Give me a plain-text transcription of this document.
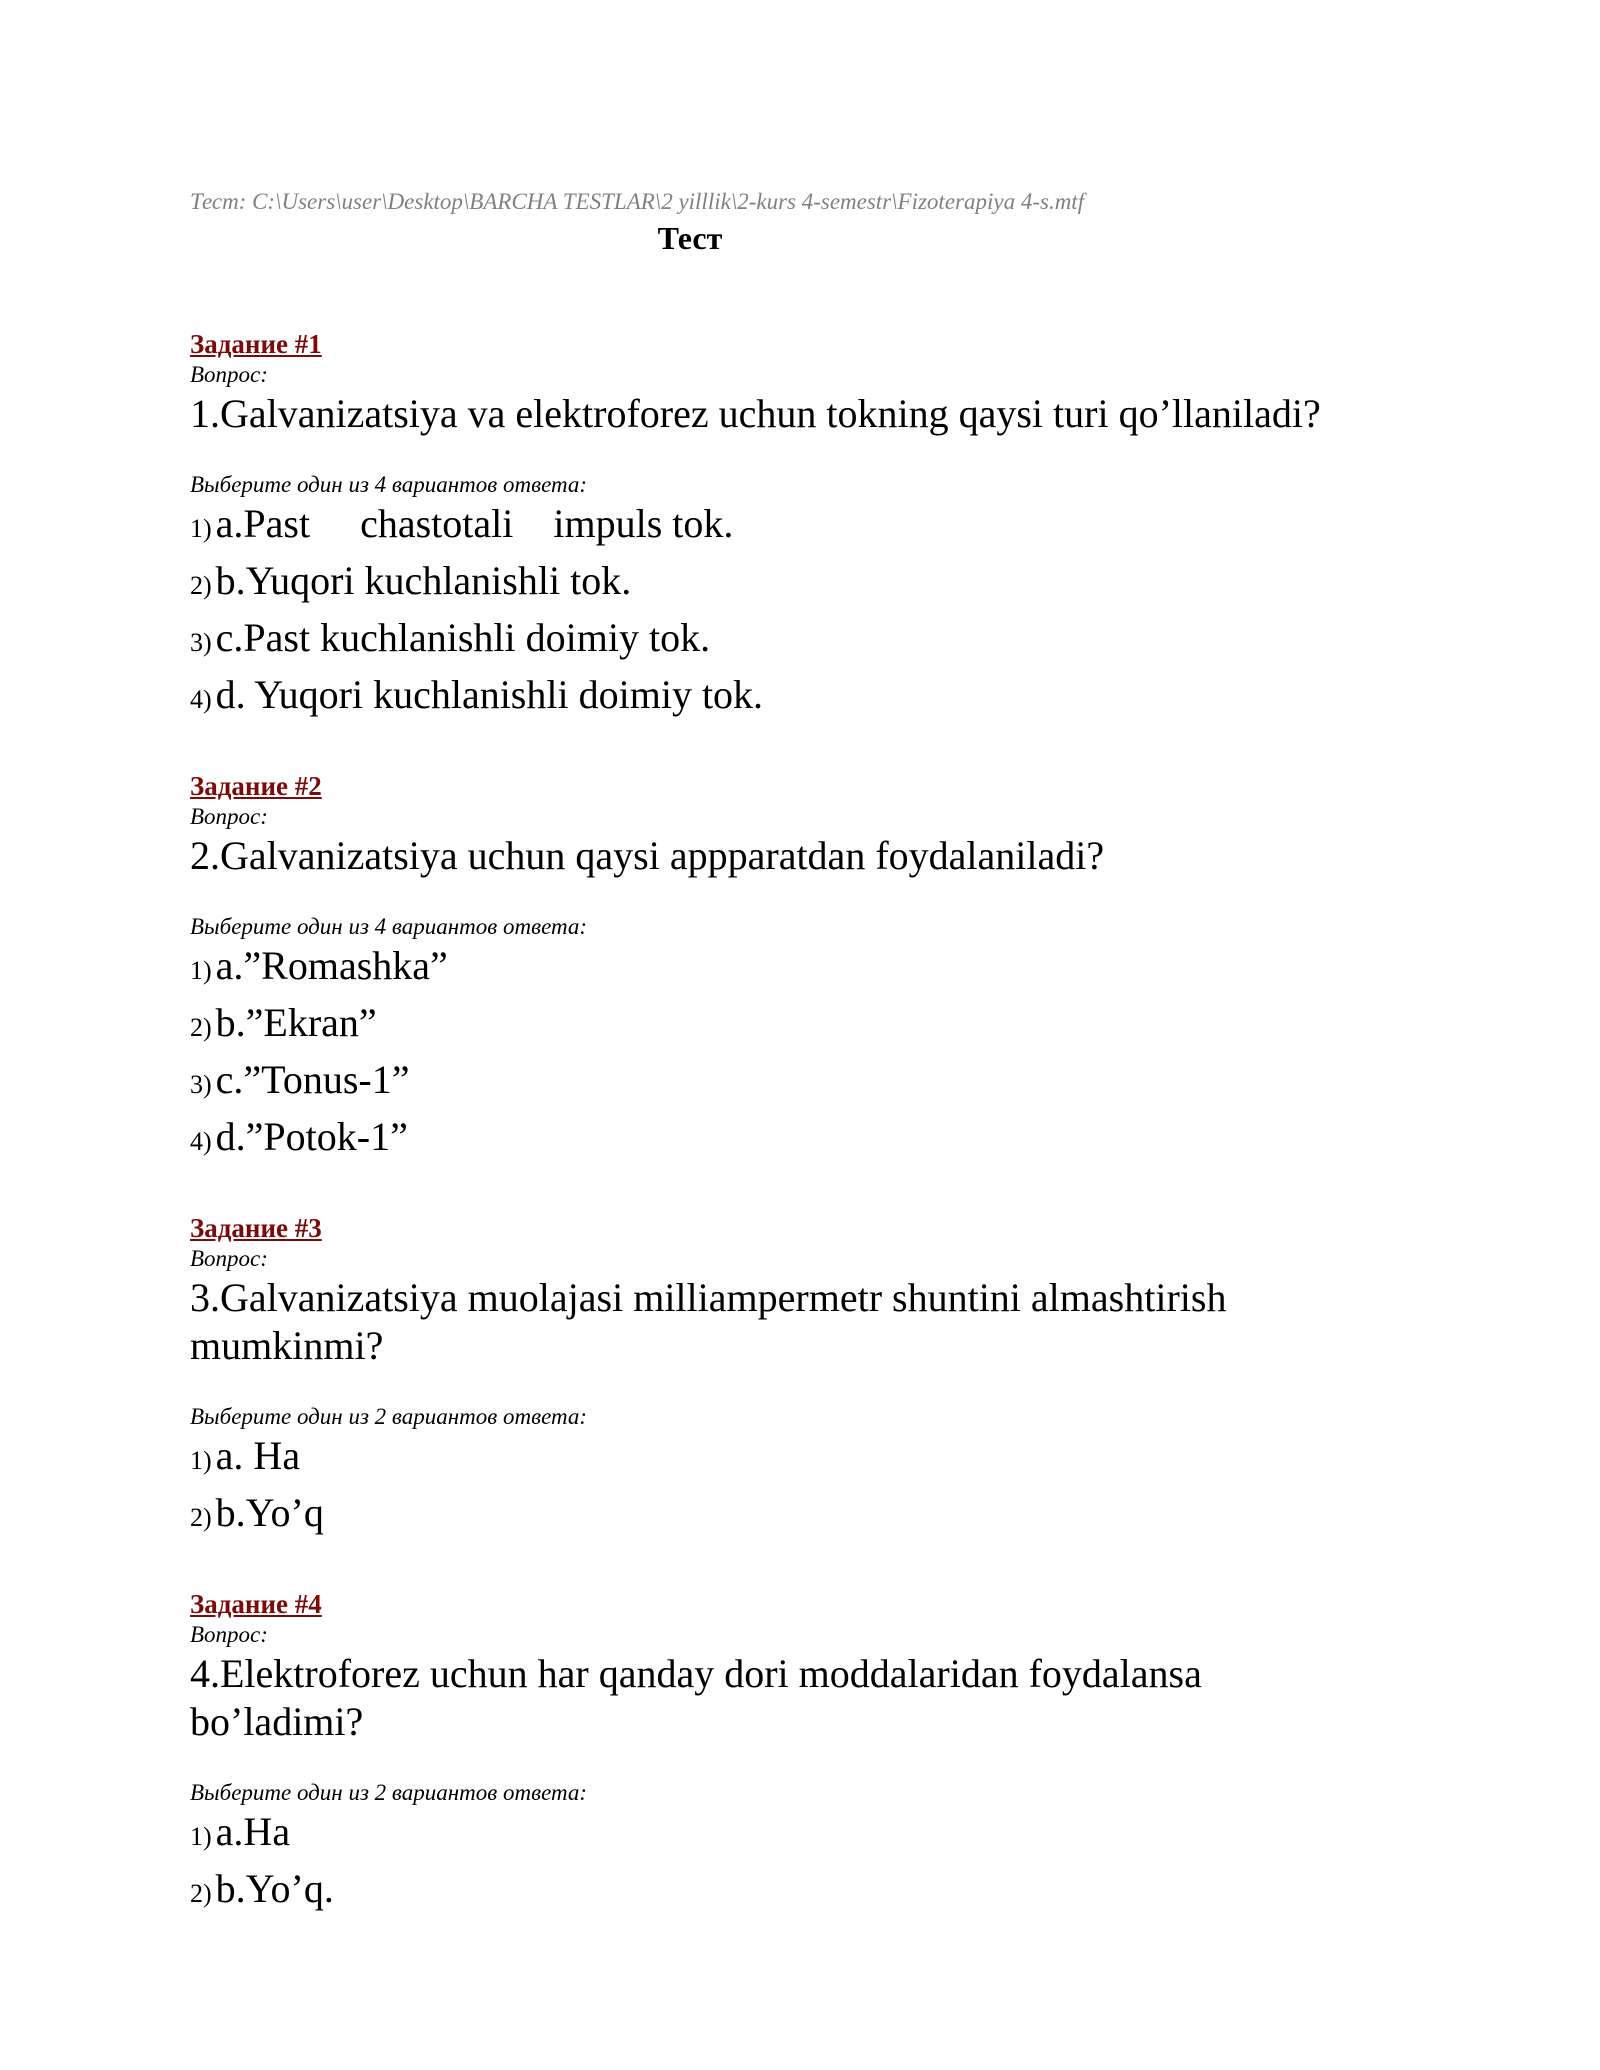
Тест: C:\Users\user\Desktop\BARCHA TESTLAR\2 yilllik\2-kurs 4-semestr\Fizoterapiya 4-s.mtf
Тест
Задание #1
Вопрос:
1.Galvanizatsiya va elektroforez uchun tokning qaysi turi qo’llaniladi?
Выберите один из 4 вариантов ответа:
1) a.Past     chastotali    impuls tok.
2) b.Yuqori kuchlanishli tok.
3) c.Past kuchlanishli doimiy tok.
4) d. Yuqori kuchlanishli doimiy tok.
Задание #2
Вопрос:
2.Galvanizatsiya uchun qaysi appparatdan foydalaniladi?
Выберите один из 4 вариантов ответа:
1) a.”Romashka”
2) b.”Ekran”
3) c.”Tonus-1”
4) d.”Potok-1”
Задание #3
Вопрос:
3.Galvanizatsiya muolajasi milliampermetr shuntini almashtirish mumkinmi?
Выберите один из 2 вариантов ответа:
1) a. Ha
2) b.Yo’q
Задание #4
Вопрос:
4.Elektroforez uchun har qanday dori moddalaridan foydalansa bo’ladimi?
Выберите один из 2 вариантов ответа:
1) a.Ha
2) b.Yo’q.
